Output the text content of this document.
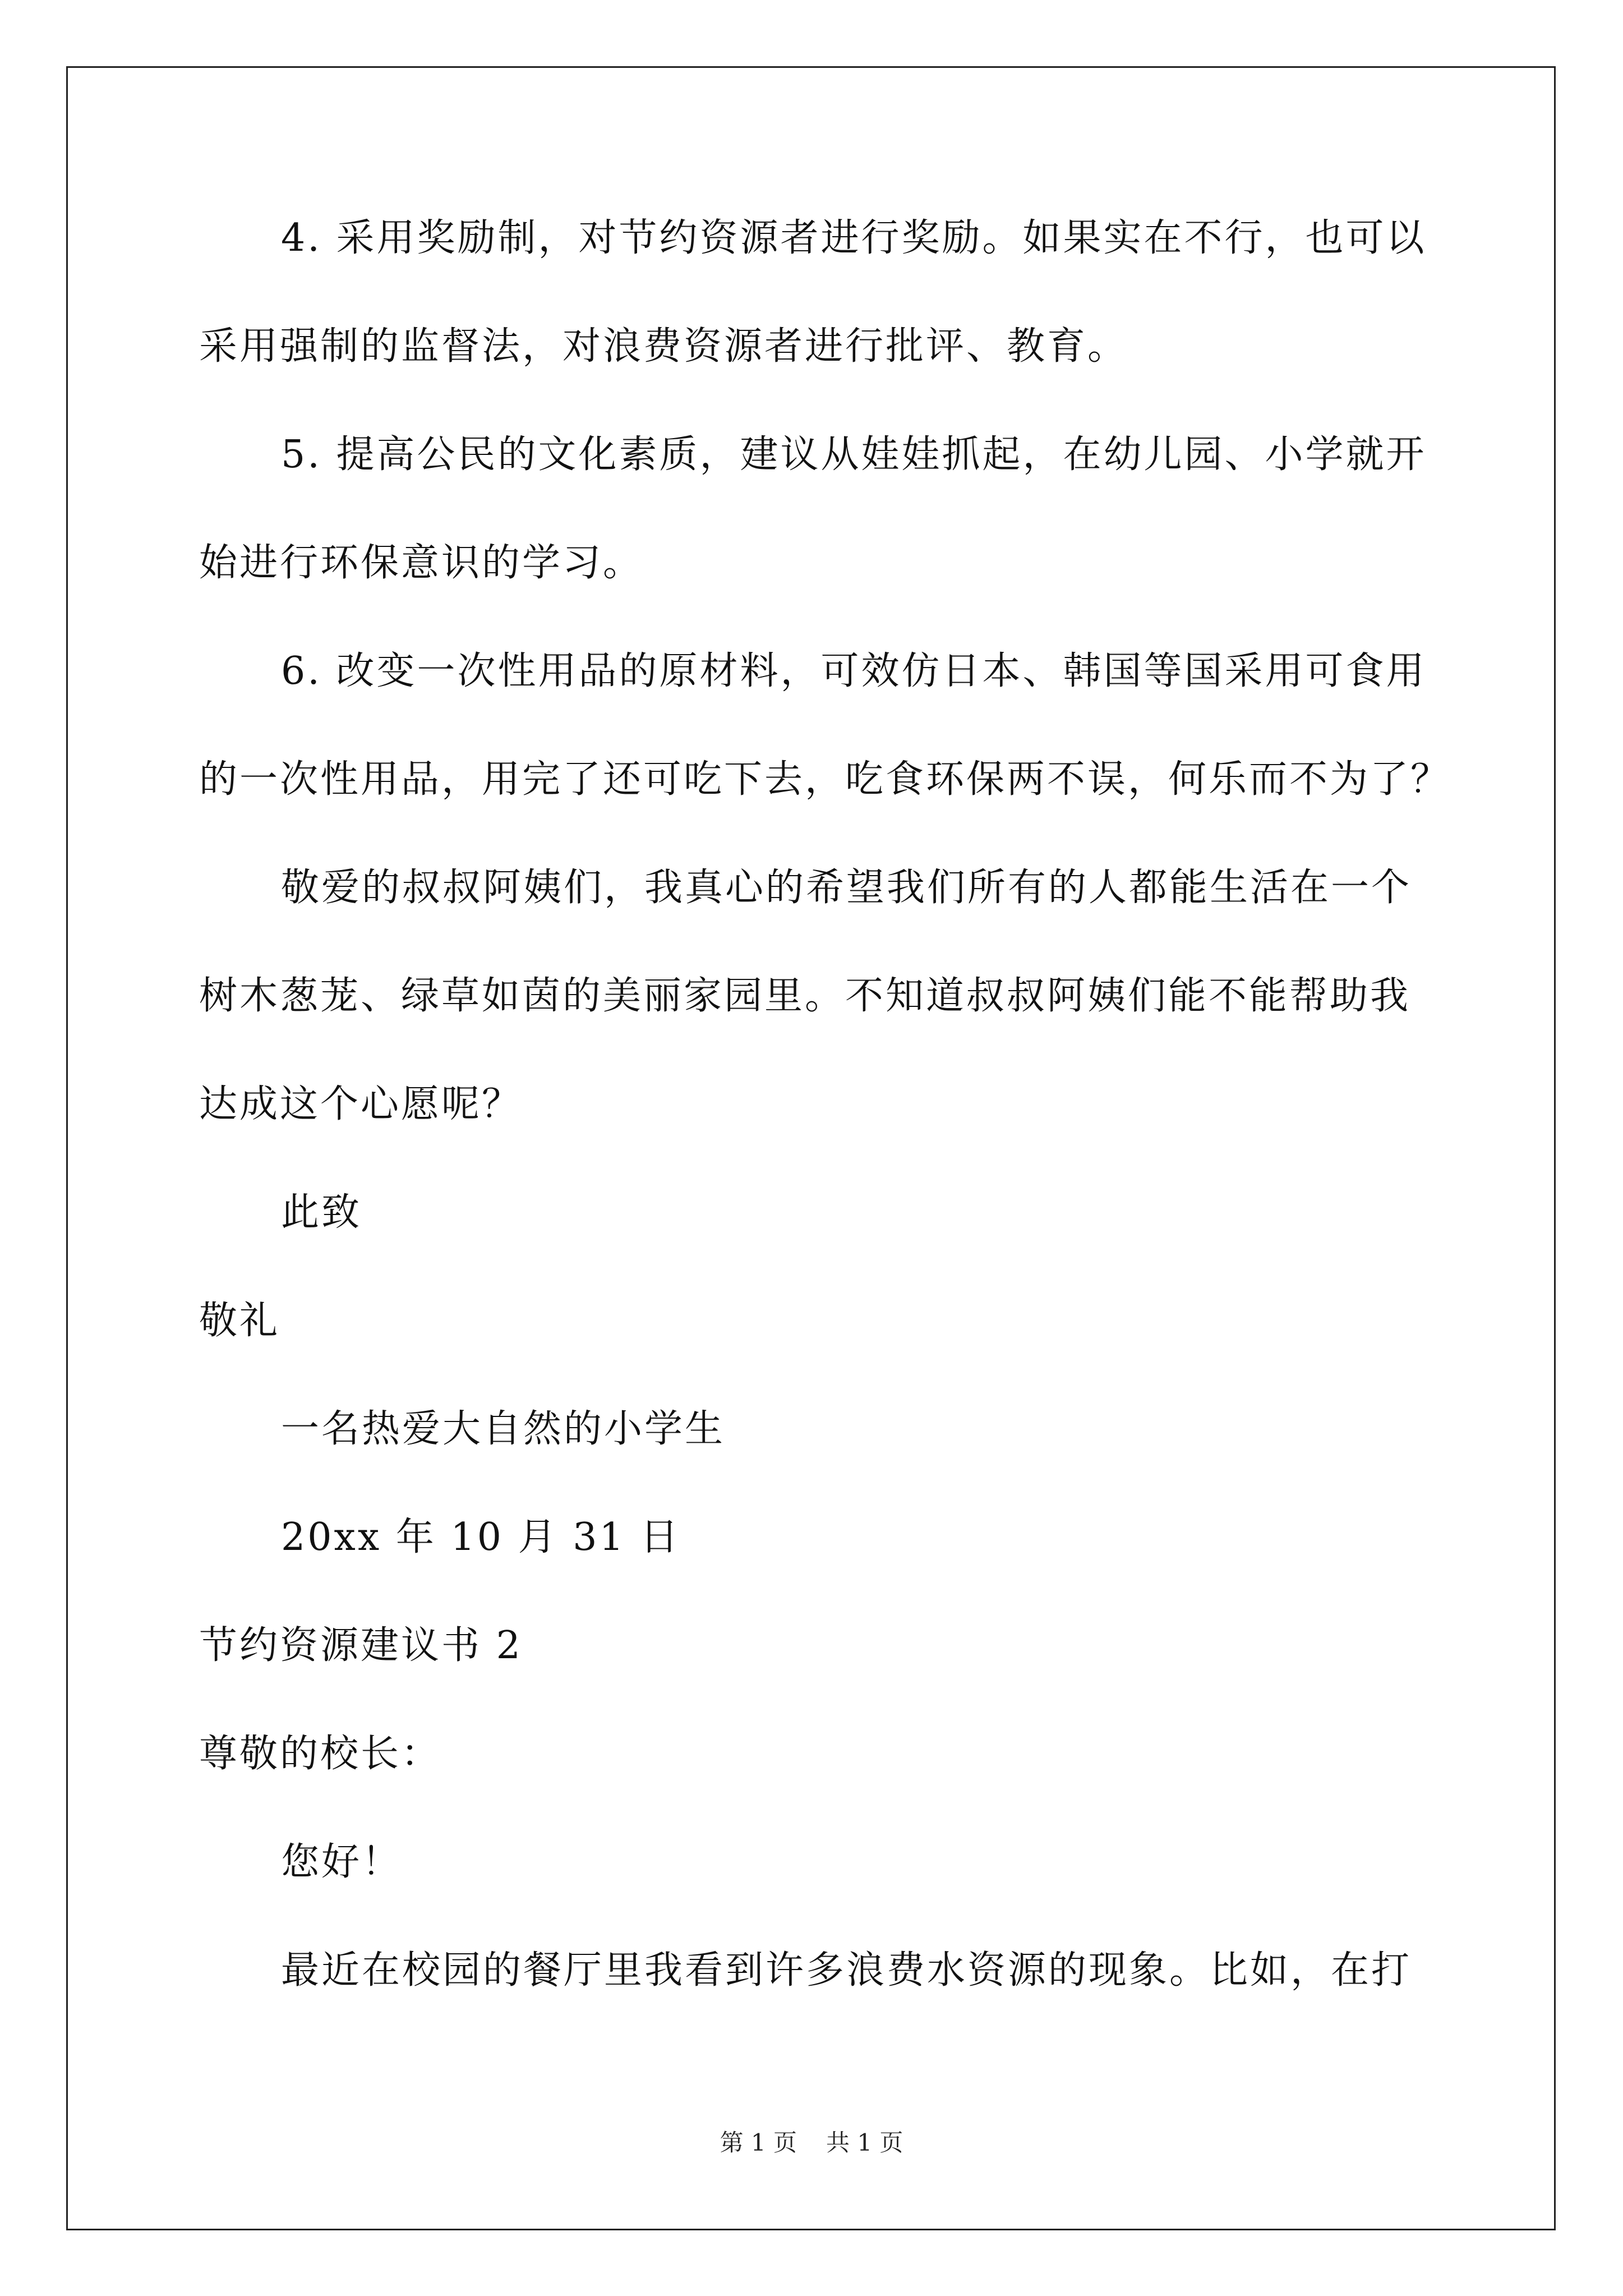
4. 采用奖励制，对节约资源者进行奖励。如果实在不行，也可以
采用强制的监督法，对浪费资源者进行批评、教育。
5. 提高公民的文化素质，建议从娃娃抓起，在幼儿园、小学就开
始进行环保意识的学习。
6. 改变一次性用品的原材料，可效仿日本、韩国等国采用可食用
的一次性用品，用完了还可吃下去，吃食环保两不误，何乐而不为了？
敬爱的叔叔阿姨们，我真心的希望我们所有的人都能生活在一个
树木葱茏、绿草如茵的美丽家园里。不知道叔叔阿姨们能不能帮助我
达成这个心愿呢？
此致
敬礼
一名热爱大自然的小学生
20xx 年 10 月 31 日
节约资源建议书 2
尊敬的校长：
您好！
最近在校园的餐厅里我看到许多浪费水资源的现象。比如，在打
第 1 页 共 1 页
